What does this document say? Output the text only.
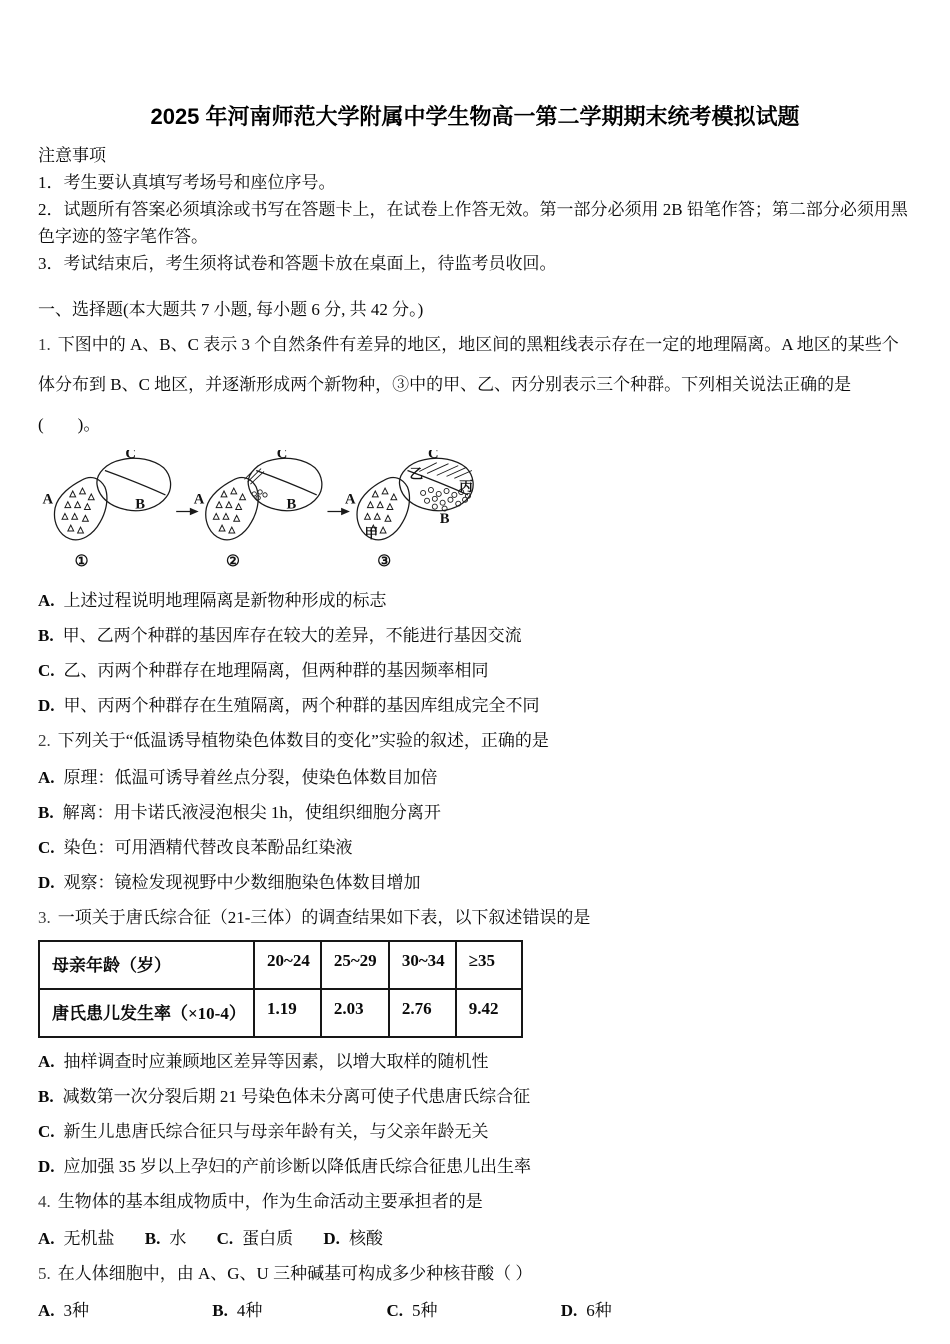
2025 年河南师范大学附属中学生物高一第二学期期末统考模拟试题
注意事项
1．考生要认真填写考场号和座位序号。
2．试题所有答案必须填涂或书写在答题卡上，在试卷上作答无效。第一部分必须用 2B 铅笔作答；第二部分必须用黑色字迹的签字笔作答。
3．考试结束后，考生须将试卷和答题卡放在桌面上，待监考员收回。
一、选择题(本大题共 7 小题, 每小题 6 分, 共 42 分。)
1. 下图中的 A、B、C 表示 3 个自然条件有差异的地区，地区间的黑粗线表示存在一定的地理隔离。A 地区的某些个体分布到 B、C 地区，并逐渐形成两个新物种，③中的甲、乙、丙分别表示三个种群。下列相关说法正确的是(　　)。
A
C
B
①
A
C
B
②
A
C
B
甲
乙
丙
③
A. 上述过程说明地理隔离是新物种形成的标志
B. 甲、乙两个种群的基因库存在较大的差异，不能进行基因交流
C. 乙、丙两个种群存在地理隔离，但两种群的基因频率相同
D. 甲、丙两个种群存在生殖隔离，两个种群的基因库组成完全不同
2. 下列关于“低温诱导植物染色体数目的变化”实验的叙述，正确的是
A. 原理：低温可诱导着丝点分裂，使染色体数目加倍
B. 解离：用卡诺氏液浸泡根尖 1h，使组织细胞分离开
C. 染色：可用酒精代替改良苯酚品红染液
D. 观察：镜检发现视野中少数细胞染色体数目增加
3. 一项关于唐氏综合征（21-三体）的调查结果如下表，以下叙述错误的是
母亲年龄（岁）	20~24	25~29	30~34	≥35
唐氏患儿发生率（×10-4）	1.19	2.03	2.76	9.42
A. 抽样调查时应兼顾地区差异等因素，以增大取样的随机性
B. 减数第一次分裂后期 21 号染色体未分离可使子代患唐氏综合征
C. 新生儿患唐氏综合征只与母亲年龄有关，与父亲年龄无关
D. 应加强 35 岁以上孕妇的产前诊断以降低唐氏综合征患儿出生率
4. 生物体的基本组成物质中，作为生命活动主要承担者的是
A. 无机盐 B. 水 C. 蛋白质 D. 核酸
5. 在人体细胞中，由 A、G、U 三种碱基可构成多少种核苷酸（ ）
A. 3种	B. 4种	C. 5种	D. 6种
